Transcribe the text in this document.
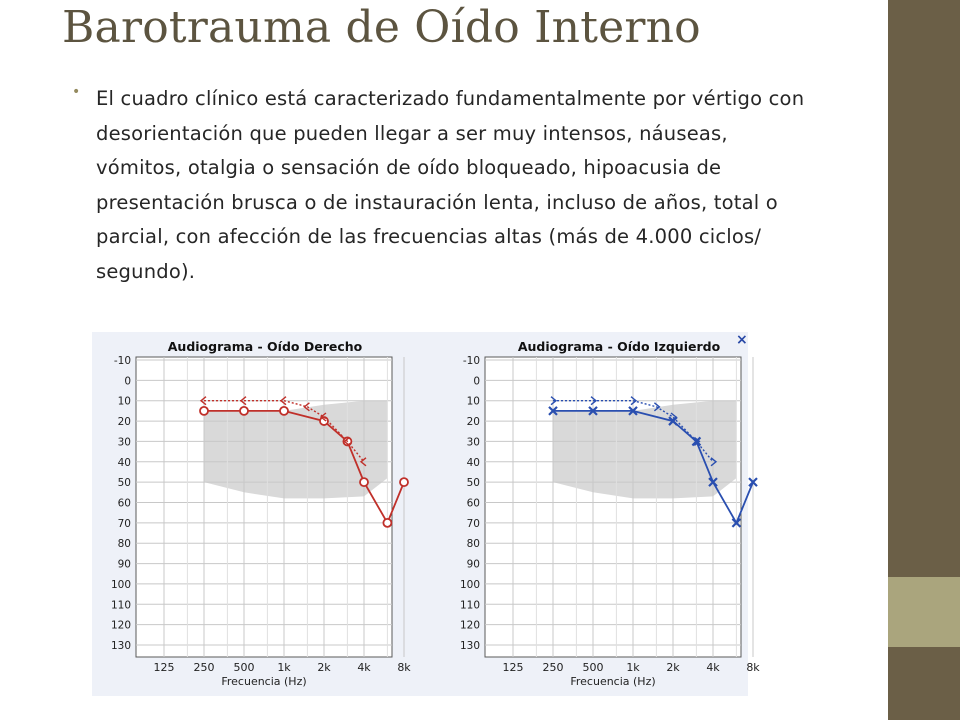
Barotrauma de Oído Interno
• El cuadro clínico está caracterizado fundamentalmente por vértigo con desorientación que pueden llegar a ser muy intensos, náuseas, vómitos, otalgia o sensación de oído bloqueado, hipoacusia de presentación brusca o de instauración lenta, incluso de años, total o parcial, con afección de las frecuencias altas (más de 4.000 ciclos/ segundo).

Audiograma - Oído Derecho
-10
0
10
20
30
40
50
60
70
80
90
100
110
120
130
125 250 500 1k 2k 4k 8k
Frecuencia (Hz)
Audiograma - Oído Izquierdo
-10
0
10
20
30
40
50
60
70
80
90
100
110
120
130
125 250 500 1k 2k 4k 8k
Frecuencia (Hz)
×
